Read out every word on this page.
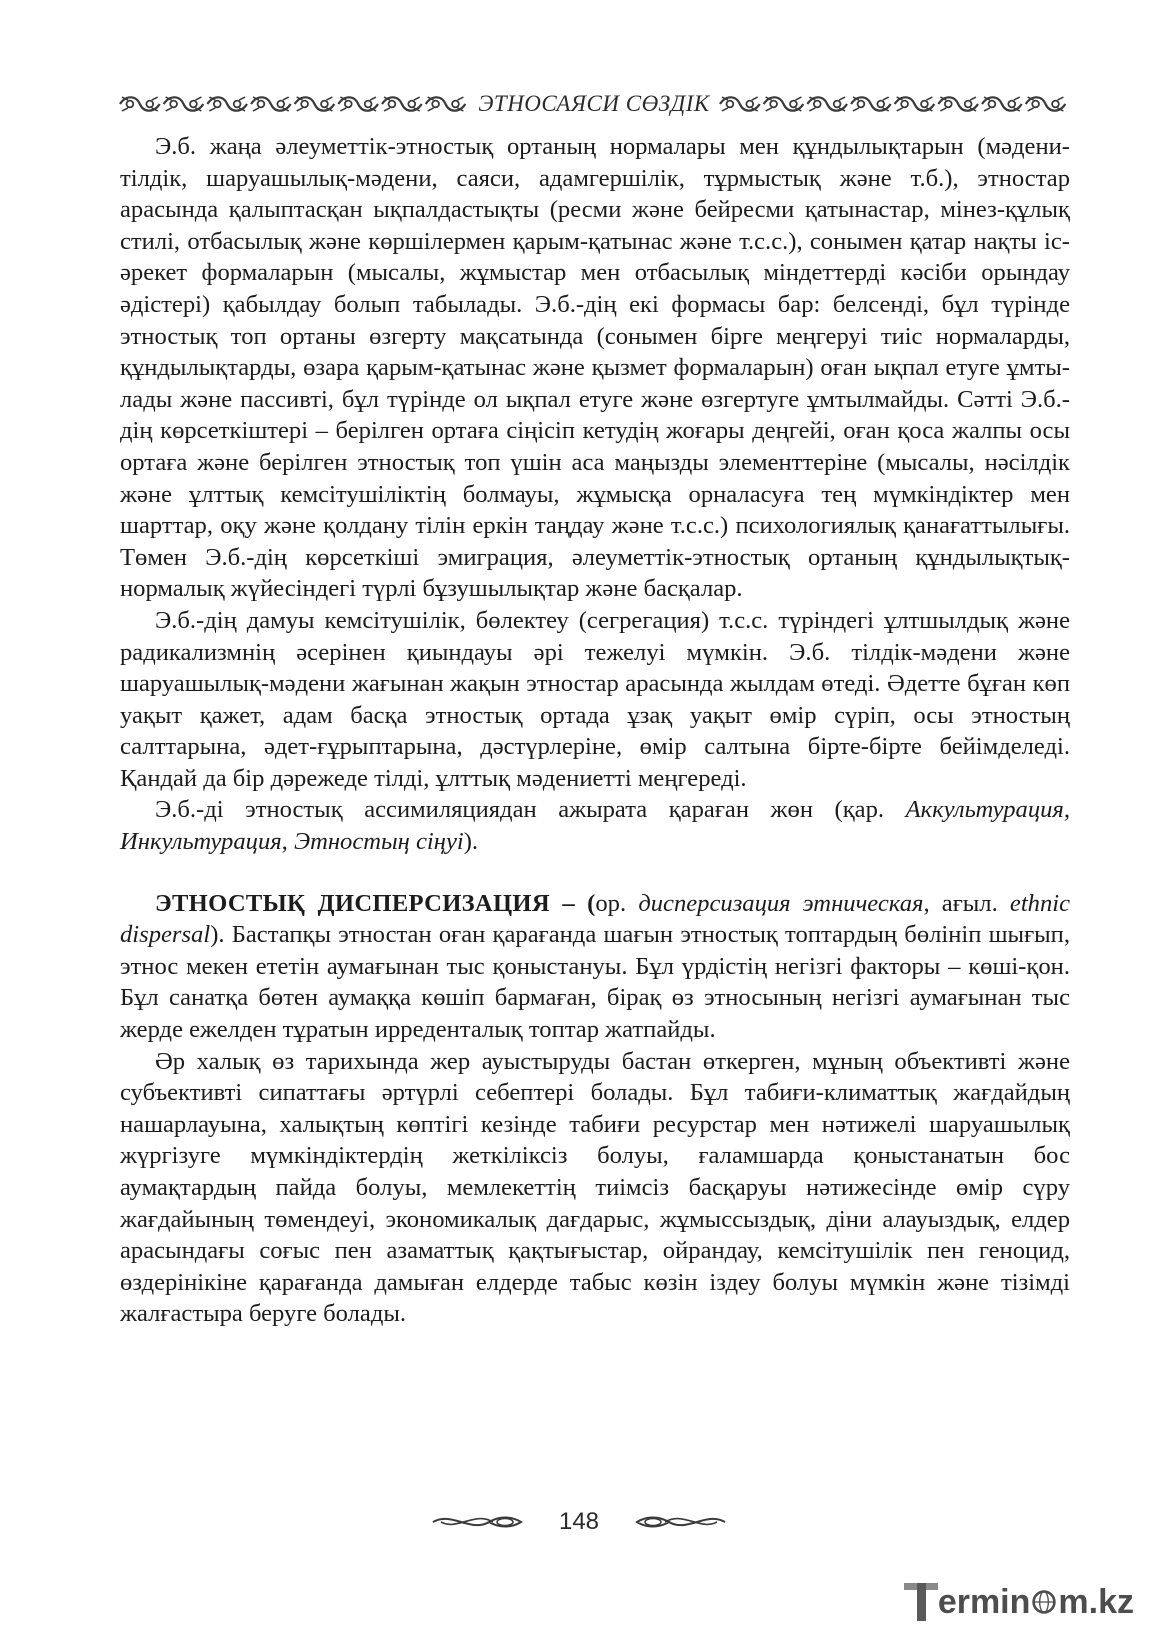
ЭТНОСАЯСИ СӨЗДІК

Э.б. жаңа әлеуметтік-этностық ортаның нормалары мен құндылықтарын (мәдени-тілдік, шаруашылық-мәдени, саяси, адамгершілік, тұрмыстық және т.б.), этностар арасында қалыптасқан ықпалдастықты (ресми және бейресми қатынастар, мінез-құлық стилі, отбасылық және көршілермен қарым-қатынас және т.с.с.), сонымен қатар нақты іс-әрекет формаларын (мысалы, жұмыстар мен отбасылық міндеттерді кәсіби орындау әдістері) қабылдау болып табылады. Э.б.-дің екі формасы бар: белсенді, бұл түрінде этностық топ ортаны өзгерту мақсатында (сонымен бірге меңгеруі тиіс нормаларды, құндылықтарды, өзара қарым-қатынас және қызмет формаларын) оған ықпал етуге ұмтылады және пассивті, бұл түрінде ол ықпал етуге және өзгертуге ұмтылмайды. Сәтті Э.б.-дің көрсеткіштері – берілген ортаға сіңісіп кетудің жоғары деңгейі, оған қоса жалпы осы ортаға және берілген этностық топ үшін аса маңызды элементтеріне (мысалы, нәсілдік және ұлттық кемсітушіліктің болмауы, жұмысқа орналасуға тең мүмкіндіктер мен шарттар, оқу және қолдану тілін еркін таңдау және т.с.с.) психологиялық қанағаттылығы. Төмен Э.б.-дің көрсеткіші эмиграция, әлеуметтік-этностық ортаның құндылықтық-нормалық жүйесіндегі түрлі бұзушылықтар және басқалар.

Э.б.-дің дамуы кемсітушілік, бөлектеу (сегрегация) т.с.с. түріндегі ұлтшылдық және радикализмнің әсерінен қиындауы әрі тежелуі мүмкін. Э.б. тілдік-мәдени және шаруашылық-мәдени жағынан жақын этностар арасында жылдам өтеді. Әдетте бұған көп уақыт қажет, адам басқа этностық ортада ұзақ уақыт өмір сүріп, осы этностың салттарына, әдет-ғұрыптарына, дәстүрлеріне, өмір салтына бірте-бірте бейімделеді. Қандай да бір дәрежеде тілді, ұлттық мәдениетті меңгереді.

Э.б.-ді этностық ассимиляциядан ажырата қараған жөн (қар. Аккультурация, Инкультурация, Этностың сіңуі).

ЭТНОСТЫҚ ДИСПЕРСИЗАЦИЯ – (ор. дисперсизация этническая, ағыл. ethnic dispersal). Бастапқы этностан оған қарағанда шағын этностық топтардың бөлініп шығып, этнос мекен ететін аумағынан тыс қоныстануы. Бұл үрдістің негізгі факторы – көші-қон. Бұл санатқа бөтен аумаққа көшіп бармаған, бірақ өз этносының негізгі аумағынан тыс жерде ежелден тұратын ирреденталық топтар жатпайды.

Әр халық өз тарихында жер ауыстыруды бастан өткерген, мұның объективті және субъективті сипаттағы әртүрлі себептері болады. Бұл табиғи-климаттық жағдайдың нашарлауына, халықтың көптігі кезінде табиғи ресурстар мен нәтижелі шаруашылық жүргізуге мүмкіндіктердің жеткіліксіз болуы, ғаламшарда қоныстанатын бос аумақтардың пайда болуы, мемлекеттің тиімсіз басқаруы нәтижесінде өмір сүру жағдайының төмендеуі, экономикалық дағдарыс, жұмыссыздық, діни алауыздық, елдер арасындағы соғыс пен азаматтық қақтығыстар, ойрандау, кемсітушілік пен геноцид, өздерінікіне қарағанда дамыған елдерде табыс көзін іздеу болуы мүмкін және тізімді жалғастыра беруге болады.

148
ermin m.kz
